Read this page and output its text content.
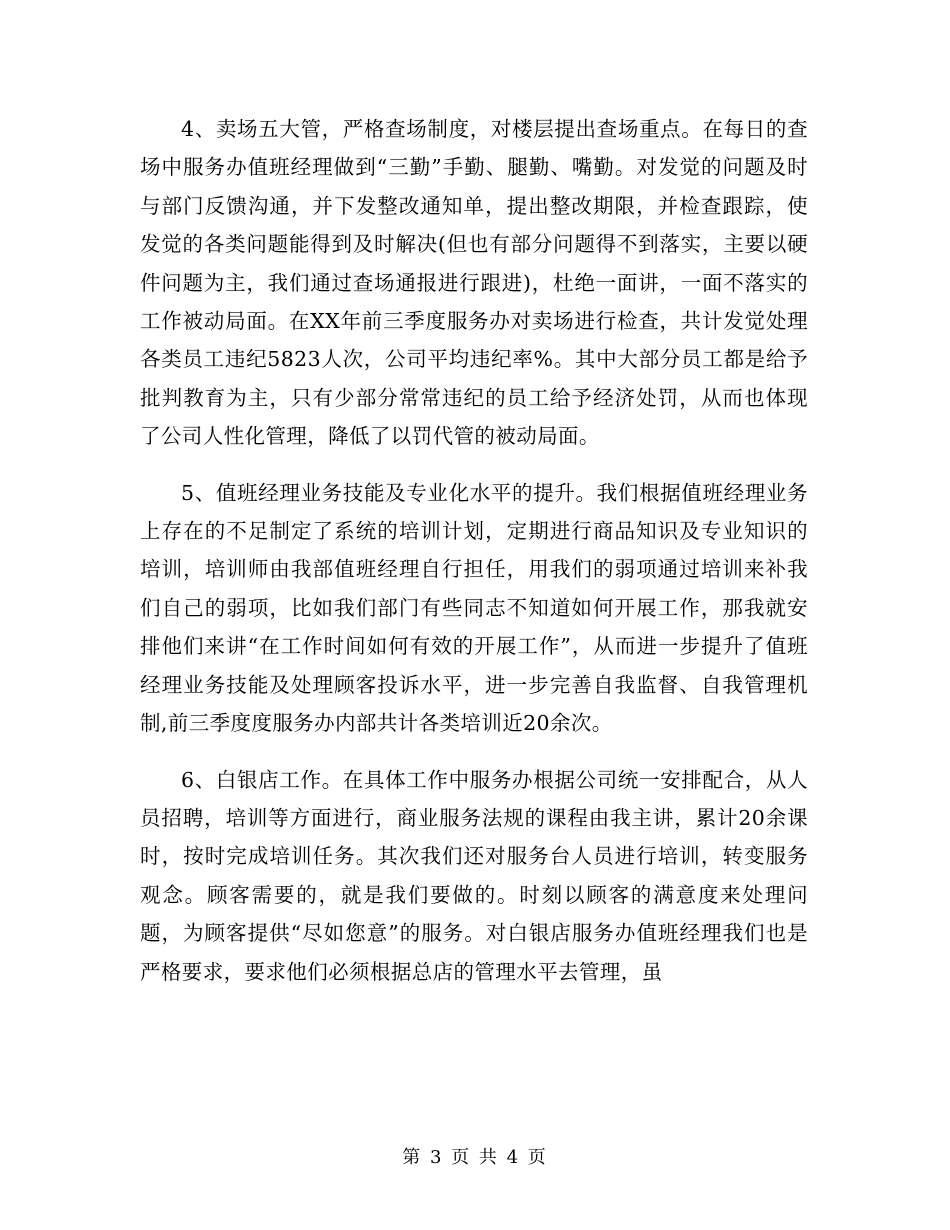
4、卖场五大管，严格查场制度，对楼层提出查场重点。在每日的查场中服务办值班经理做到“三勤”手勤、腿勤、嘴勤。对发觉的问题及时与部门反馈沟通，并下发整改通知单，提出整改期限，并检查跟踪，使发觉的各类问题能得到及时解决(但也有部分问题得不到落实，主要以硬件问题为主，我们通过查场通报进行跟进)，杜绝一面讲，一面不落实的工作被动局面。在XX年前三季度服务办对卖场进行检查，共计发觉处理各类员工违纪5823人次，公司平均违纪率%。其中大部分员工都是给予批判教育为主，只有少部分常常违纪的员工给予经济处罚，从而也体现了公司人性化管理，降低了以罚代管的被动局面。

5、值班经理业务技能及专业化水平的提升。我们根据值班经理业务上存在的不足制定了系统的培训计划，定期进行商品知识及专业知识的培训，培训师由我部值班经理自行担任，用我们的弱项通过培训来补我们自己的弱项，比如我们部门有些同志不知道如何开展工作，那我就安排他们来讲“在工作时间如何有效的开展工作”，从而进一步提升了值班经理业务技能及处理顾客投诉水平，进一步完善自我监督、自我管理机制,前三季度度服务办内部共计各类培训近20余次。

6、白银店工作。在具体工作中服务办根据公司统一安排配合，从人员招聘，培训等方面进行，商业服务法规的课程由我主讲，累计20余课时，按时完成培训任务。其次我们还对服务台人员进行培训，转变服务观念。顾客需要的，就是我们要做的。时刻以顾客的满意度来处理问题，为顾客提供“尽如您意”的服务。对白银店服务办值班经理我们也是严格要求，要求他们必须根据总店的管理水平去管理，虽

第 3 页 共 4 页
